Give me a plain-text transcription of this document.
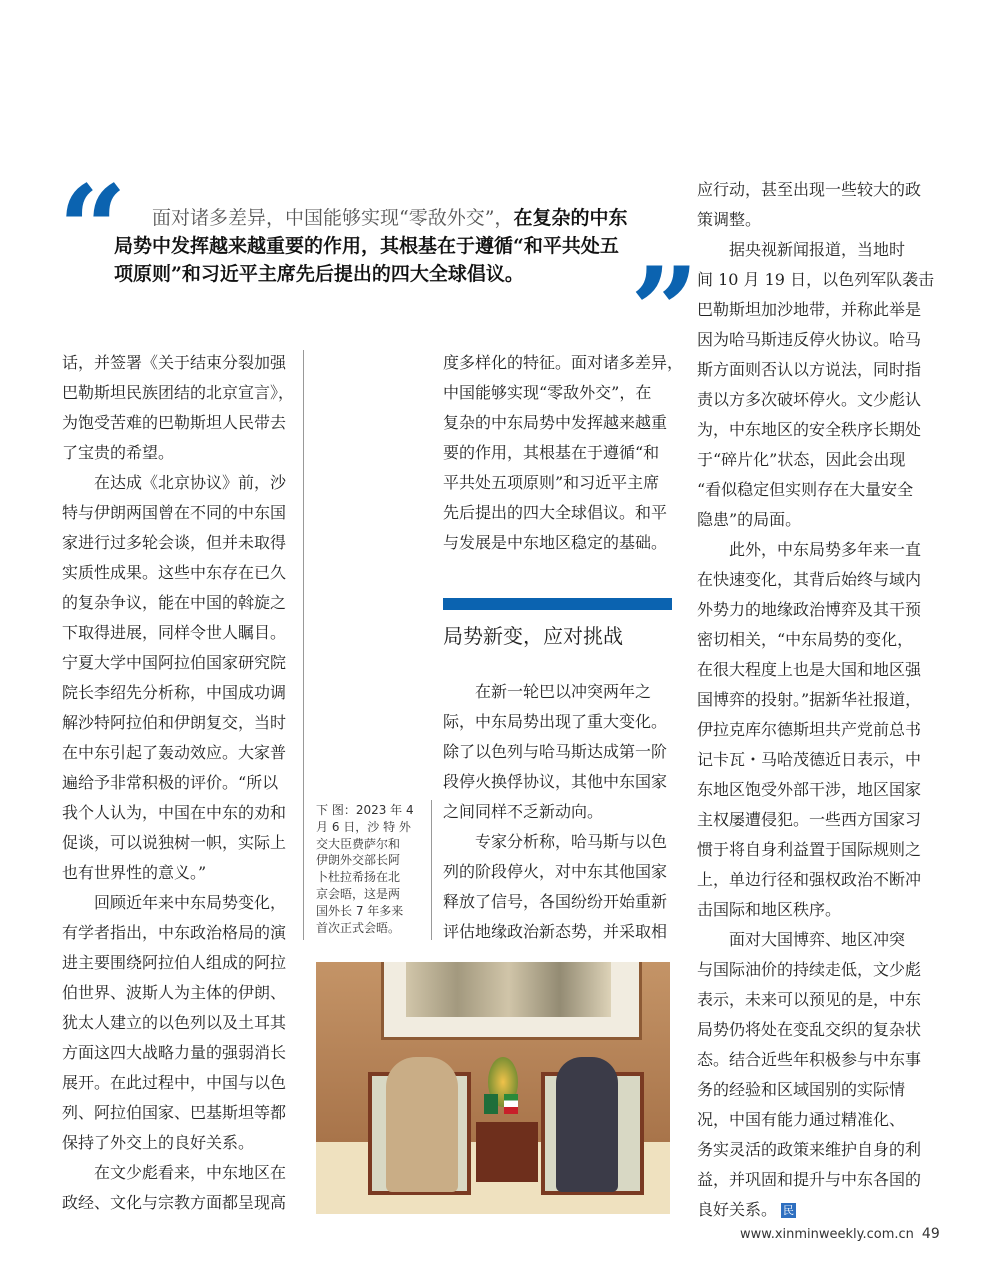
“	面对诸多差异，中国能够实现“零敌外交”，在复杂的中东局势中发挥越来越重要的作用，其根基在于遵循“和平共处五项原则”和习近平主席先后提出的四大全球倡议。 ”
话，并签署《关于结束分裂加强
巴勒斯坦民族团结的北京宣言》，
为饱受苦难的巴勒斯坦人民带去
了宝贵的希望。
　　在达成《北京协议》前，沙
特与伊朗两国曾在不同的中东国
家进行过多轮会谈，但并未取得
实质性成果。这些中东存在已久
的复杂争议，能在中国的斡旋之
下取得进展，同样令世人瞩目。
宁夏大学中国阿拉伯国家研究院
院长李绍先分析称，中国成功调
解沙特阿拉伯和伊朗复交，当时
在中东引起了轰动效应。大家普
遍给予非常积极的评价。“所以
我个人认为，中国在中东的劝和
促谈，可以说独树一帜，实际上
也有世界性的意义。”
　　回顾近年来中东局势变化，
有学者指出，中东政治格局的演
进主要围绕阿拉伯人组成的阿拉
伯世界、波斯人为主体的伊朗、
犹太人建立的以色列以及土耳其
方面这四大战略力量的强弱消长
展开。在此过程中，中国与以色
列、阿拉伯国家、巴基斯坦等都
保持了外交上的良好关系。
　　在文少彪看来，中东地区在
政经、文化与宗教方面都呈现高
度多样化的特征。面对诸多差异，
中国能够实现“零敌外交”，在
复杂的中东局势中发挥越来越重
要的作用，其根基在于遵循“和
平共处五项原则”和习近平主席
先后提出的四大全球倡议。和平
与发展是中东地区稳定的基础。
局势新变，应对挑战
　　在新一轮巴以冲突两年之
际，中东局势出现了重大变化。
除了以色列与哈马斯达成第一阶
段停火换俘协议，其他中东国家
之间同样不乏新动向。
　　专家分析称，哈马斯与以色
列的阶段停火，对中东其他国家
释放了信号，各国纷纷开始重新
评估地缘政治新态势，并采取相
下 图：2023 年 4
月 6 日，沙 特 外
交大臣费萨尔和
伊朗外交部长阿
卜杜拉希扬在北
京会晤，这是两
国外长 7 年多来
首次正式会晤。
应行动，甚至出现一些较大的政
策调整。
　　据央视新闻报道，当地时
间 10 月 19 日，以色列军队袭击
巴勒斯坦加沙地带，并称此举是
因为哈马斯违反停火协议。哈马
斯方面则否认以方说法，同时指
责以方多次破坏停火。文少彪认
为，中东地区的安全秩序长期处
于“碎片化”状态，因此会出现
“看似稳定但实则存在大量安全
隐患”的局面。
　　此外，中东局势多年来一直
在快速变化，其背后始终与域内
外势力的地缘政治博弈及其干预
密切相关，“中东局势的变化，
在很大程度上也是大国和地区强
国博弈的投射。”据新华社报道，
伊拉克库尔德斯坦共产党前总书
记卡瓦・马哈茂德近日表示，中
东地区饱受外部干涉，地区国家
主权屡遭侵犯。一些西方国家习
惯于将自身利益置于国际规则之
上，单边行径和强权政治不断冲
击国际和地区秩序。
　　面对大国博弈、地区冲突
与国际油价的持续走低，文少彪
表示，未来可以预见的是，中东
局势仍将处在变乱交织的复杂状
态。结合近些年积极参与中东事
务的经验和区域国别的实际情
况，中国有能力通过精准化、
务实灵活的政策来维护自身的利
益，并巩固和提升与中东各国的
良好关系。 民
www.xinminweekly.com.cn 49
